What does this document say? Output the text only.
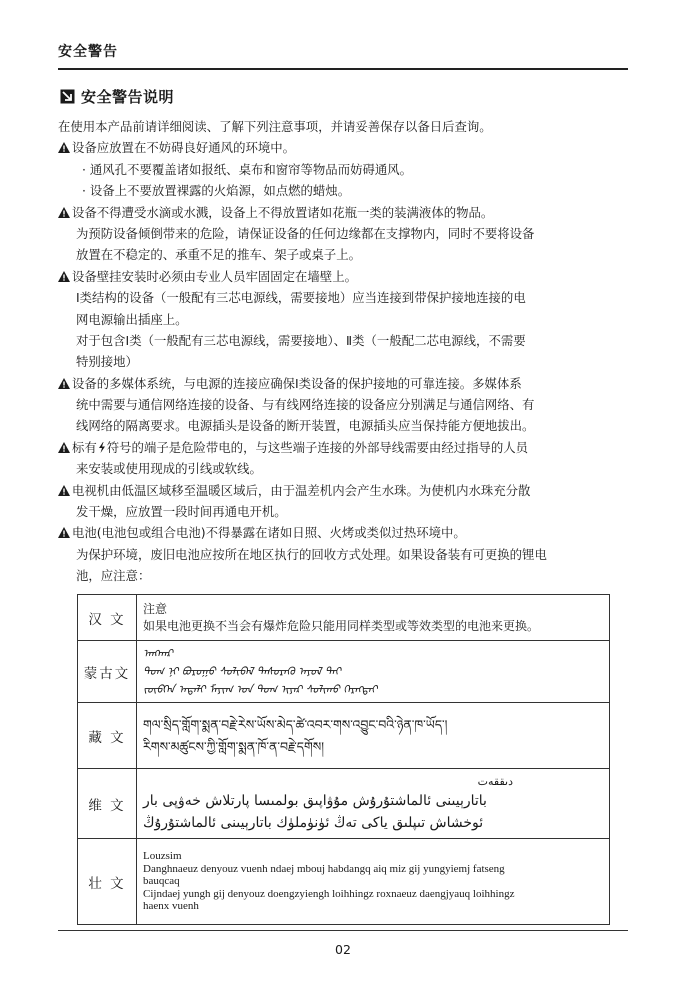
安全警告
安全警告说明
在使用本产品前请详细阅读、了解下列注意事项，并请妥善保存以备日后查询。
设备应放置在不妨碍良好通风的环境中。
· 通风孔不要覆盖诸如报纸、桌布和窗帘等物品而妨碍通风。
· 设备上不要放置裸露的火焰源，如点燃的蜡烛。
设备不得遭受水滴或水溅，设备上不得放置诸如花瓶一类的装满液体的物品。
为预防设备倾倒带来的危险，请保证设备的任何边缘都在支撑物内，同时不要将设备
放置在不稳定的、承重不足的推车、架子或桌子上。
设备壁挂安装时必须由专业人员牢固固定在墙壁上。
Ⅰ类结构的设备（一般配有三芯电源线，需要接地）应当连接到带保护接地连接的电
网电源输出插座上。
对于包含Ⅰ类（一般配有三芯电源线，需要接地）、Ⅱ类（一般配二芯电源线，不需要
特别接地）
设备的多媒体系统，与电源的连接应确保Ⅰ类设备的保护接地的可靠连接。多媒体系
统中需要与通信网络连接的设备、与有线网络连接的设备应分别满足与通信网络、有
线网络的隔离要求。电源插头是设备的断开装置，电源插头应当保持能方便地拔出。
标有 符号的端子是危险带电的，与这些端子连接的外部导线需要由经过指导的人员
来安装或使用现成的引线或软线。
电视机由低温区域移至温暖区域后，由于温差机内会产生水珠。为使机内水珠充分散
发干燥，应放置一段时间再通电开机。
电池(电池包或组合电池)不得暴露在诸如日照、火烤或类似过热环境中。
为保护环境，废旧电池应按所在地区执行的回收方式处理。如果设备装有可更换的锂电
池，应注意：
汉 文	注意
如果电池更换不当会有爆炸危险只能用同样类型或等效类型的电池来更换。

蒙古文	ᠠᠩᠬᠠᠷ
ᠲᠣᠭ ᠨᠢ ᠪᠤᠷᠤᠭᠤ ᠰᠣᠯᠢᠪᠠᠯ ᠲᠡᠰᠤᠷᠡᠬᠦ ᠠᠶᠤᠯ ᠲᠠᠢ
ᠵᠥᠪᠬᠡᠨ ᠠᠳᠠᠯᠢ ᠮᠠᠶᠢᠭ ᠤᠨ ᠲᠣᠭ ᠢᠶᠠᠷ ᠰᠣᠯᠢᠬᠤ ᠬᠡᠷᠡᠭᠲᠡᠢ

藏 文	གལ་སྲིད་གློག་སྨན་བརྗེ་རེས་ཡོས་མེད་ཚེ་འབར་གས་འབྱུང་བའི་ཉེན་ཁ་ཡོད་།
རིགས་མཚུངས་ཀྱི་གློག་སྨན་ཁོ་ན་བརྗེ་དགོས།

维 文	دىققەت
باتارېيىنى ئالماشتۇرۇش مۇۋاپىق بولمىسا پارتلاش خەۋپى بار
ئوخشاش تىپلىق ياكى تەڭ ئۈنۈملۈك باتارېيىنى ئالماشتۇرۇڭ

壮 文	Louzsim
Danghnaeuz denyouz vuenh ndaej mbouj habdangq aiq miz gij yungyiemj fatseng
bauqcaq
Cijndaej yungh gij denyouz doengzyiengh loihhingz roxnaeuz daengjyauq loihhingz
haenx vuenh
02
